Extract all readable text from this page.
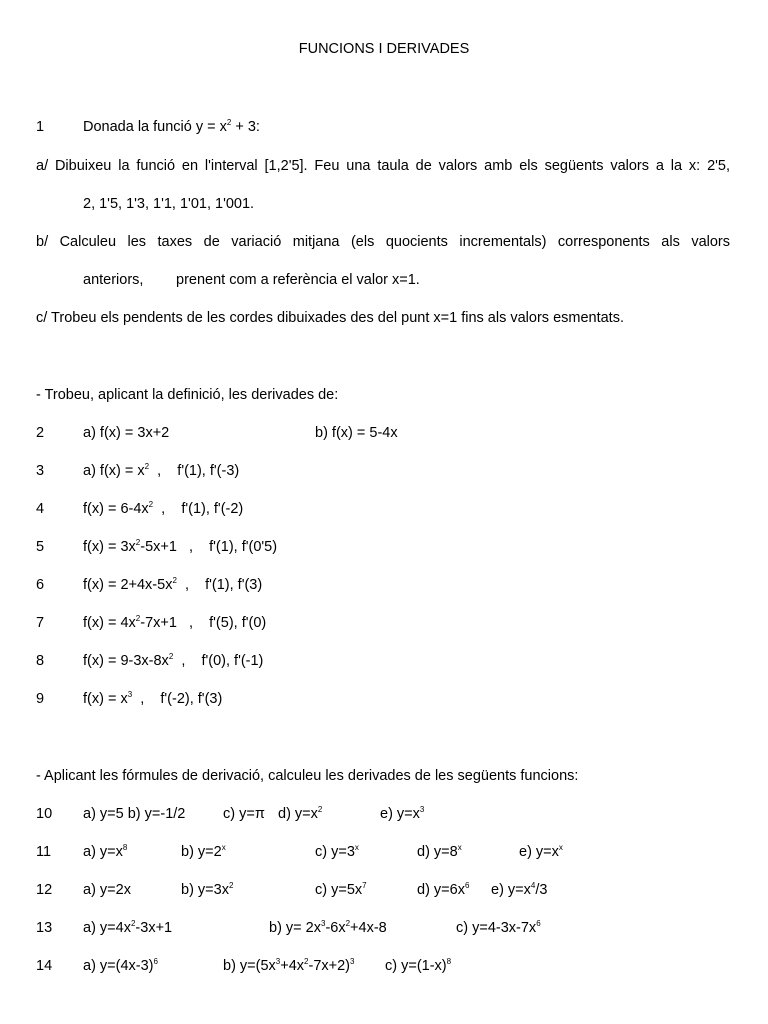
FUNCIONS I DERIVADES
1	Donada la funció $y = x^2 + 3$:
a/ Dibuixeu la funció en l'interval [1,2'5]. Feu una taula de valors amb els següents valors a la x: 2'5,
2, 1'5, 1'3, 1'1, 1'01, 1'001.
b/ Calculeu les taxes de variació mitjana (els quocients incrementals) corresponents als valors
anteriors, prenent com a referència el valor x=1.
c/ Trobeu els pendents de les cordes dibuixades des del punt x=1 fins als valors esmentats.
- Trobeu, aplicant la definició, les derivades de:
2	a) f(x) = 3x+2	b) f(x) = 5-4x
3	a) $f(x) = x^2$  ,    f'(1), f'(-3)
4	$f(x) = 6-4x^2$  ,    f'(1), f'(-2)
5	$f(x) = 3x^2-5x+1$   ,    f'(1), f'(0'5)
6	$f(x) = 2+4x-5x^2$  ,    f'(1), f'(3)
7	$f(x) = 4x^2-7x+1$   ,    f'(5), f'(0)
8	$f(x) = 9-3x-8x^2$  ,    f'(0), f'(-1)
9	$f(x) = x^3$  ,    f'(-2), f'(3)
- Aplicant les fórmules de derivació, calculeu les derivades de les següents funcions:
10 a) y=5 b) y=-1/2	c) y=π d) $y=x^2$	e) $y=x^3$
11 a) $y=x^8$	b) $y=2^x$	c) $y=3^x$	d) $y=8^x$	e) $y=x^x$
12 a) y=2x	b) $y=3x^2$	c) $y=5x^7$	d) $y=6x^6$ e) $y=x^4/3$
13 a) $y=4x^2-3x+1$	b) $y= 2x^3-6x^2+4x-8$	c) $y=4-3x-7x^6$
14 a) $y=(4x-3)^6$	b) $y=(5x^3+4x^2-7x+2)^3$ c) $y=(1-x)^8$
